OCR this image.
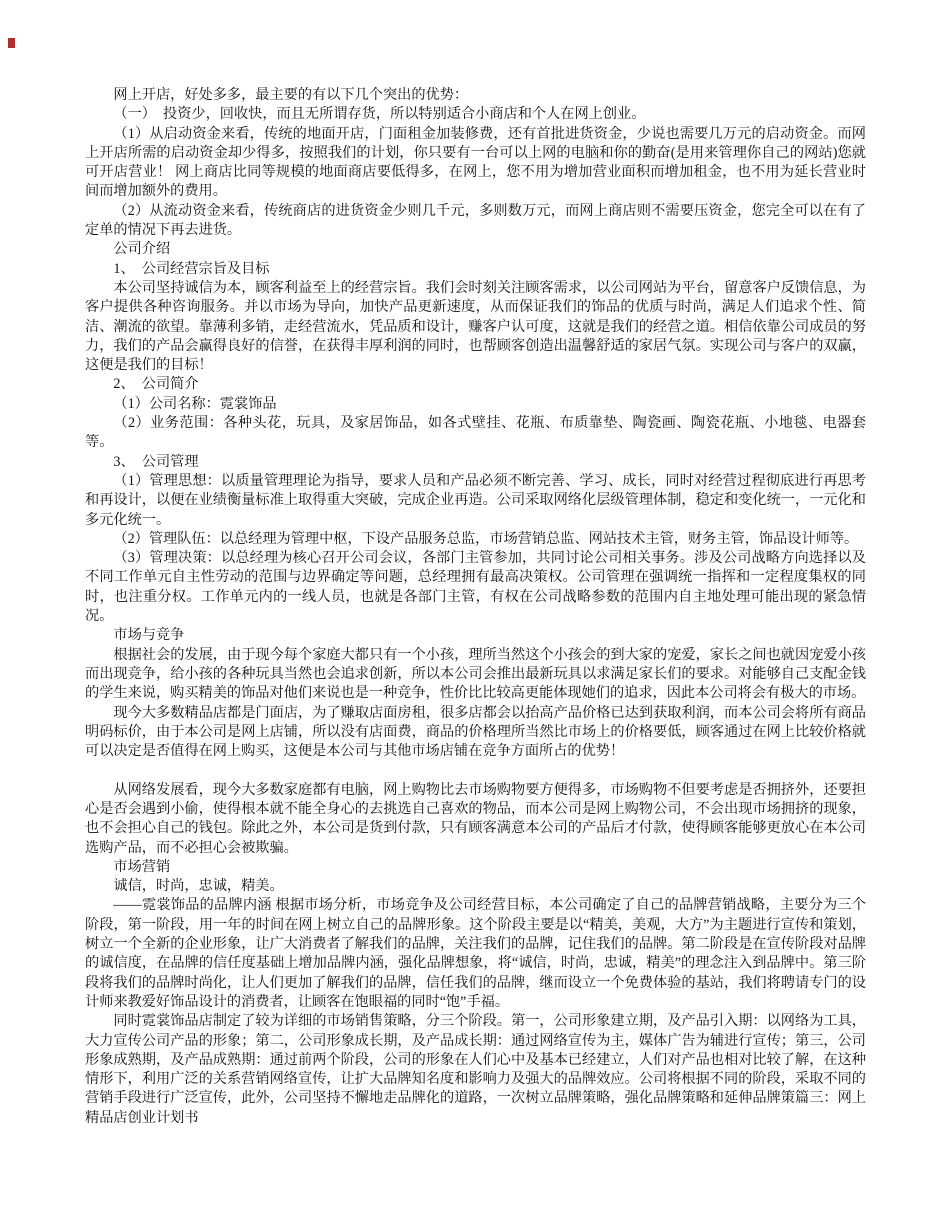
网上开店，好处多多，最主要的有以下几个突出的优势：

（一）　投资少，回收快，而且无所谓存货，所以特别适合小商店和个人在网上创业。

（1）从启动资金来看，传统的地面开店，门面租金加装修费，还有首批进货资金，少说也需要几万元的启动资金。而网上开店所需的启动资金却少得多，按照我们的计划，你只要有一台可以上网的电脑和你的勤奋(是用来管理你自己的网站)您就可开店营业！ 网上商店比同等规模的地面商店要低得多，在网上，您不用为增加营业面积而增加租金，也不用为延长营业时间而增加额外的费用。

（2）从流动资金来看，传统商店的进货资金少则几千元，多则数万元，而网上商店则不需要压资金，您完全可以在有了定单的情况下再去进货。

公司介绍

1、　公司经营宗旨及目标

本公司坚持诚信为本，顾客利益至上的经营宗旨。我们会时刻关注顾客需求，以公司网站为平台，留意客户反馈信息，为客户提供各种咨询服务。并以市场为导向，加快产品更新速度，从而保证我们的饰品的优质与时尚，满足人们追求个性、简洁、潮流的欲望。靠薄利多销，走经营流水，凭品质和设计，赚客户认可度，这就是我们的经营之道。相信依靠公司成员的努力，我们的产品会赢得良好的信誉，在获得丰厚利润的同时，也帮顾客创造出温馨舒适的家居气氛。实现公司与客户的双赢，这便是我们的目标！

2、　公司简介

（1）公司名称：霓裳饰品

（2）业务范围：各种头花，玩具，及家居饰品，如各式壁挂、花瓶、布质靠垫、陶瓷画、陶瓷花瓶、小地毯、电器套等。

3、　公司管理

（1）管理思想：以质量管理理论为指导，要求人员和产品必须不断完善、学习、成长，同时对经营过程彻底进行再思考和再设计，以便在业绩衡量标准上取得重大突破，完成企业再造。公司采取网络化层级管理体制，稳定和变化统一，一元化和多元化统一。

（2）管理队伍：以总经理为管理中枢，下设产品服务总监，市场营销总监、网站技术主管，财务主管，饰品设计师等。

（3）管理决策：以总经理为核心召开公司会议，各部门主管参加，共同讨论公司相关事务。涉及公司战略方向选择以及不同工作单元自主性劳动的范围与边界确定等问题，总经理拥有最高决策权。公司管理在强调统一指挥和一定程度集权的同时，也注重分权。工作单元内的一线人员，也就是各部门主管，有权在公司战略参数的范围内自主地处理可能出现的紧急情况。

市场与竞争

根据社会的发展，由于现今每个家庭大都只有一个小孩，理所当然这个小孩会的到大家的宠爱，家长之间也就因宠爱小孩而出现竞争，给小孩的各种玩具当然也会追求创新，所以本公司会推出最新玩具以求满足家长们的要求。对能够自己支配金钱的学生来说，购买精美的饰品对他们来说也是一种竞争，性价比比较高更能体现她们的追求，因此本公司将会有极大的市场。

现今大多数精品店都是门面店，为了赚取店面房租，很多店都会以抬高产品价格已达到获取利润，而本公司会将所有商品明码标价，由于本公司是网上店铺，所以没有店面费，商品的价格理所当然比市场上的价格要低，顾客通过在网上比较价格就可以决定是否值得在网上购买，这便是本公司与其他市场店铺在竞争方面所占的优势！

从网络发展看，现今大多数家庭都有电脑，网上购物比去市场购物要方便得多，市场购物不但要考虑是否拥挤外，还要担心是否会遇到小偷，使得根本就不能全身心的去挑选自己喜欢的物品，而本公司是网上购物公司，不会出现市场拥挤的现象，也不会担心自己的钱包。除此之外，本公司是货到付款，只有顾客满意本公司的产品后才付款，使得顾客能够更放心在本公司选购产品，而不必担心会被欺骗。

市场营销

诚信，时尚，忠诚，精美。

——霓裳饰品的品牌内涵 根据市场分析，市场竞争及公司经营目标，本公司确定了自己的品牌营销战略，主要分为三个阶段，第一阶段，用一年的时间在网上树立自己的品牌形象。这个阶段主要是以“精美，美观，大方”为主题进行宣传和策划，树立一个全新的企业形象，让广大消费者了解我们的品牌，关注我们的品牌，记住我们的品牌。第二阶段是在宣传阶段对品牌的诚信度，在品牌的信任度基础上增加品牌内涵，强化品牌想象，将“诚信，时尚，忠诚，精美”的理念注入到品牌中。第三阶段将我们的品牌时尚化，让人们更加了解我们的品牌，信任我们的品牌，继而设立一个免费体验的基站，我们将聘请专门的设计师来教爱好饰品设计的消费者，让顾客在饱眼福的同时“饱”手福。

同时霓裳饰品店制定了较为详细的市场销售策略，分三个阶段。第一，公司形象建立期，及产品引入期：以网络为工具，大力宣传公司产品的形象；第二，公司形象成长期，及产品成长期：通过网络宣传为主，媒体广告为辅进行宣传；第三，公司形象成熟期，及产品成熟期：通过前两个阶段，公司的形象在人们心中及基本已经建立，人们对产品也相对比较了解，在这种情形下，利用广泛的关系营销网络宣传，让扩大品牌知名度和影响力及强大的品牌效应。公司将根据不同的阶段，采取不同的营销手段进行广泛宣传，此外，公司坚持不懈地走品牌化的道路，一次树立品牌策略，强化品牌策略和延伸品牌策篇三：网上精品店创业计划书
